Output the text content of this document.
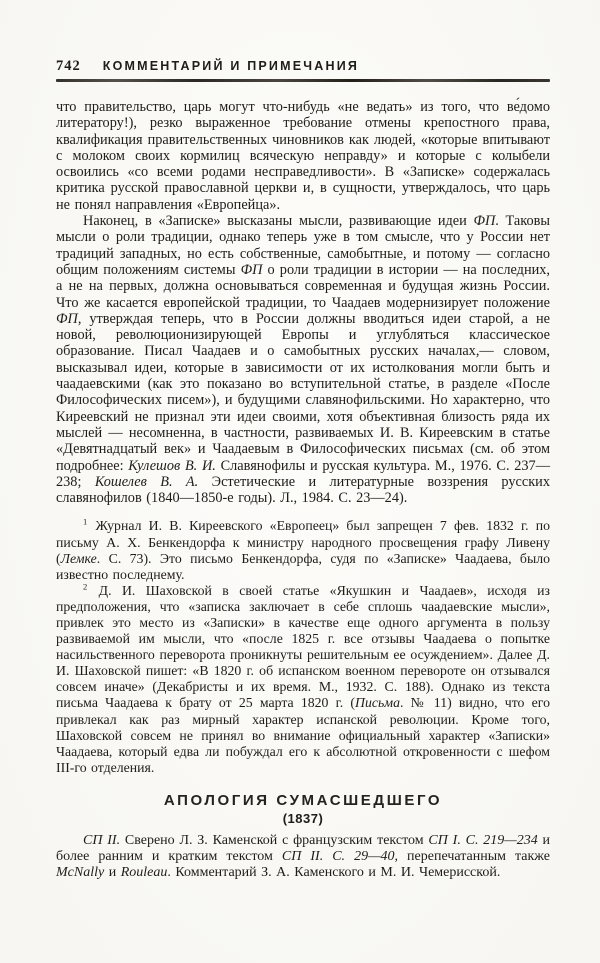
742 КОММЕНТАРИЙ И ПРИМЕЧАНИЯ

что правительство, царь могут что-нибудь «не ведать» из того, что ве́домо литератору!), резко выраженное требование отмены крепостного права, квалификация правительственных чиновников как людей, «которые впитывают с молоком своих кормилиц всяческую неправду» и которые с колыбели освоились «со всеми родами несправедливости». В «Записке» содержалась критика русской православной церкви и, в сущности, утверждалось, что царь не понял направления «Европейца».

Наконец, в «Записке» высказаны мысли, развивающие идеи ФП. Таковы мысли о роли традиции, однако теперь уже в том смысле, что у России нет традиций западных, но есть собственные, самобытные, и потому — согласно общим положениям системы ФП о роли традиции в истории — на последних, а не на первых, должна основываться современная и будущая жизнь России. Что же касается европейской традиции, то Чаадаев модернизирует положение ФП, утверждая теперь, что в России должны вводиться идеи старой, а не новой, революционизирующей Европы и углубляться классическое образование. Писал Чаадаев и о самобытных русских началах,— словом, высказывал идеи, которые в зависимости от их истолкования могли быть и чаадаевскими (как это показано во вступительной статье, в разделе «После Философических писем»), и будущими славянофильскими. Но характерно, что Киреевский не признал эти идеи своими, хотя объективная близость ряда их мыслей — несомненна, в частности, развиваемых И. В. Киреевским в статье «Девятнадцатый век» и Чаадаевым в Философических письмах (см. об этом подробнее: Кулешов В. И. Славянофилы и русская культура. М., 1976. С. 237—238; Кошелев В. А. Эстетические и литературные воззрения русских славянофилов (1840—1850-е годы). Л., 1984. С. 23—24).

$^1$ Журнал И. В. Киреевского «Европеец» был запрещен 7 фев. 1832 г. по письму А. Х. Бенкендорфа к министру народного просвещения графу Ливену (Лемке. С. 73). Это письмо Бенкендорфа, судя по «Записке» Чаадаева, было известно последнему.

$^2$ Д. И. Шаховской в своей статье «Якушкин и Чаадаев», исходя из предположения, что «записка заключает в себе сплошь чаадаевские мысли», привлек это место из «Записки» в качестве еще одного аргумента в пользу развиваемой им мысли, что «после 1825 г. все отзывы Чаадаева о попытке насильственного переворота проникнуты решительным ее осуждением». Далее Д. И. Шаховской пишет: «В 1820 г. об испанском военном перевороте он отзывался совсем иначе» (Декабристы и их время. М., 1932. С. 188). Однако из текста письма Чаадаева к брату от 25 марта 1820 г. (Письма. № 11) видно, что его привлекал как раз мирный характер испанской революции. Кроме того, Шаховской совсем не принял во внимание официальный характер «Записки» Чаадаева, который едва ли побуждал его к абсолютной откровенности с шефом III-го отделения.

АПОЛОГИЯ СУМАСШЕДШЕГО
(1837)

СП II. Сверено Л. З. Каменской с французским текстом СП I. С. 219—234 и более ранним и кратким текстом СП II. С. 29—40, перепечатанным также McNally и Rouleau. Комментарий З. А. Каменского и М. И. Чемерисской.
